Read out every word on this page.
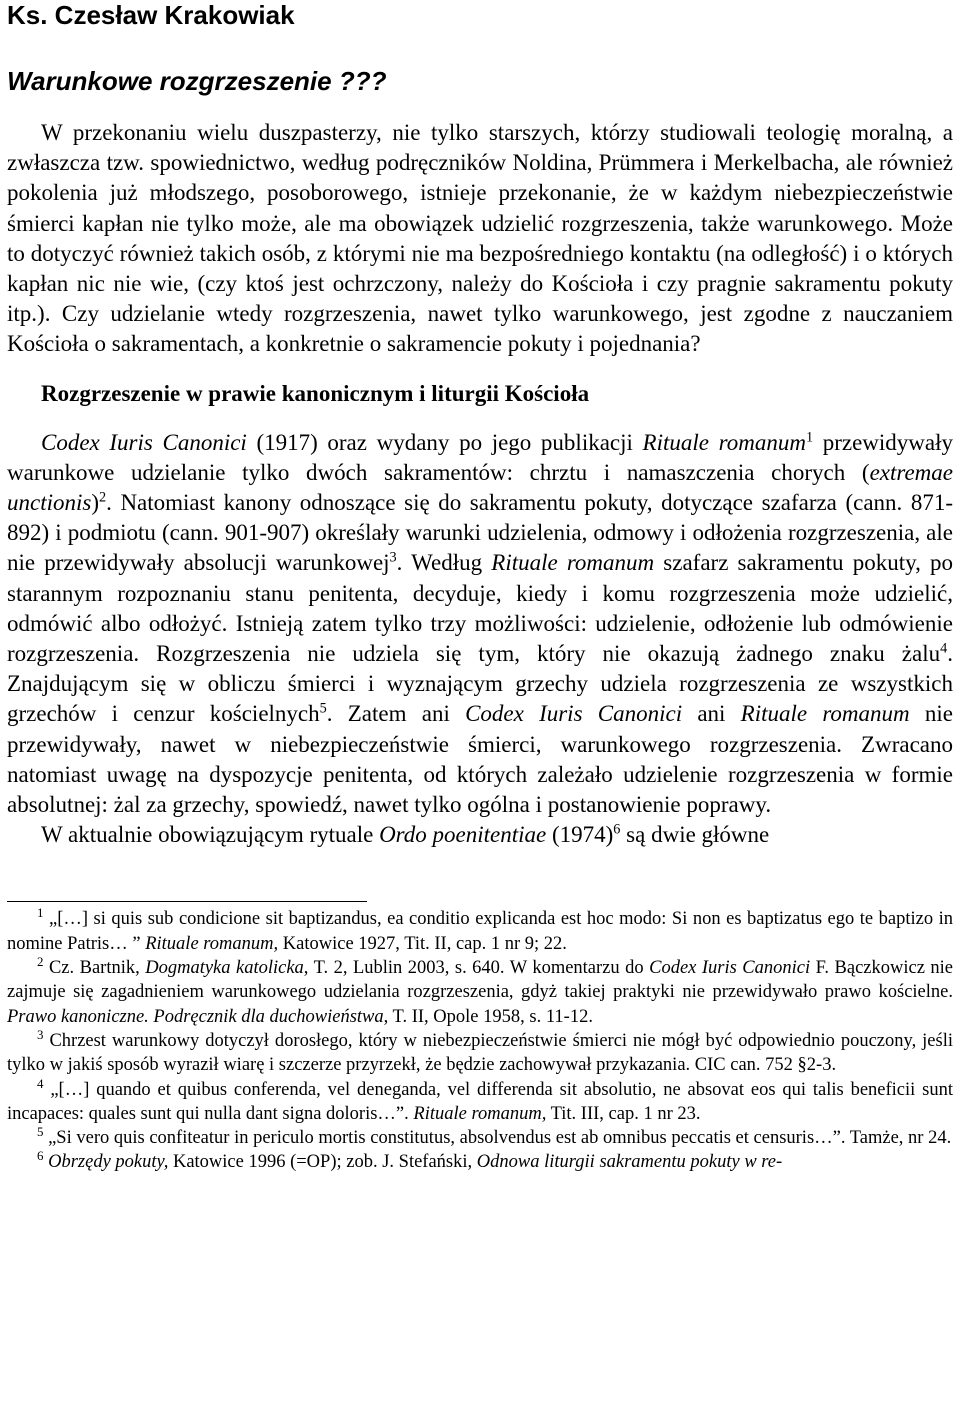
Ks. Czesław Krakowiak
Warunkowe rozgrzeszenie ???

W przekonaniu wielu duszpasterzy, nie tylko starszych, którzy studiowali teologię moralną, a zwłaszcza tzw. spowiednictwo, według podręczników Noldina, Prümmera i Merkelbacha, ale również pokolenia już młodszego, posoborowego, istnieje przekonanie, że w każdym niebezpieczeństwie śmierci kapłan nie tylko może, ale ma obowiązek udzielić rozgrzeszenia, także warunkowego. Może to dotyczyć również takich osób, z którymi nie ma bezpośredniego kontaktu (na odległość) i o których kapłan nic nie wie, (czy ktoś jest ochrzczony, należy do Kościoła i czy pragnie sakramentu pokuty itp.). Czy udzielanie wtedy rozgrzeszenia, nawet tylko warunkowego, jest zgodne z nauczaniem Kościoła o sakramentach, a konkretnie o sakramencie pokuty i pojednania?

Rozgrzeszenie w prawie kanonicznym i liturgii Kościoła

Codex Iuris Canonici (1917) oraz wydany po jego publikacji Rituale romanum$^1$ przewidywały warunkowe udzielanie tylko dwóch sakramentów: chrztu i namaszczenia chorych (extremae unctionis)$^2$. Natomiast kanony odnoszące się do sakramentu pokuty, dotyczące szafarza (cann. 871-892) i podmiotu (cann. 901-907) określały warunki udzielenia, odmowy i odłożenia rozgrzeszenia, ale nie przewidywały absolucji warunkowej$^3$. Według Rituale romanum szafarz sakramentu pokuty, po starannym rozpoznaniu stanu penitenta, decyduje, kiedy i komu rozgrzeszenia może udzielić, odmówić albo odłożyć. Istnieją zatem tylko trzy możliwości: udzielenie, odłożenie lub odmówienie rozgrzeszenia. Rozgrzeszenia nie udziela się tym, który nie okazują żadnego znaku żalu$^4$. Znajdującym się w obliczu śmierci i wyznającym grzechy udziela rozgrzeszenia ze wszystkich grzechów i cenzur kościelnych$^5$. Zatem ani Codex Iuris Canonici ani Rituale romanum nie przewidywały, nawet w niebezpieczeństwie śmierci, warunkowego rozgrzeszenia. Zwracano natomiast uwagę na dyspozycje penitenta, od których zależało udzielenie rozgrzeszenia w formie absolutnej: żal za grzechy, spowiedź, nawet tylko ogólna i postanowienie poprawy.

W aktualnie obowiązującym rytuale Ordo poenitentiae $(1974)^6$ są dwie główne

$^1$ „[…] si quis sub condicione sit baptizandus, ea conditio explicanda est hoc modo: Si non es baptizatus ego te baptizo in nomine Patris… ” Rituale romanum, Katowice 1927, Tit. II, cap. 1 nr 9; 22.

$^2$ Cz. Bartnik, Dogmatyka katolicka, T. 2, Lublin 2003, s. 640. W komentarzu do Codex Iuris Canonici F. Bączkowicz nie zajmuje się zagadnieniem warunkowego udzielania rozgrzeszenia, gdyż takiej praktyki nie przewidywało prawo kościelne. Prawo kanoniczne. Podręcznik dla duchowieństwa, T. II, Opole 1958, s. 11-12.

$^3$ Chrzest warunkowy dotyczył dorosłego, który w niebezpieczeństwie śmierci nie mógł być odpowiednio pouczony, jeśli tylko w jakiś sposób wyraził wiarę i szczerze przyrzekł, że będzie zachowywał przykazania. CIC can. 752 §2-3.

$^4$ „[…] quando et quibus conferenda, vel deneganda, vel differenda sit absolutio, ne absovat eos qui talis beneficii sunt incapaces: quales sunt qui nulla dant signa doloris…”. Rituale romanum, Tit. III, cap. 1 nr 23.

$^5$ „Si vero quis confiteatur in periculo mortis constitutus, absolvendus est ab omnibus peccatis et censuris…”. Tamże, nr 24.

$^6$ Obrzędy pokuty, Katowice 1996 (=OP); zob. J. Stefański, Odnowa liturgii sakramentu pokuty w re-
